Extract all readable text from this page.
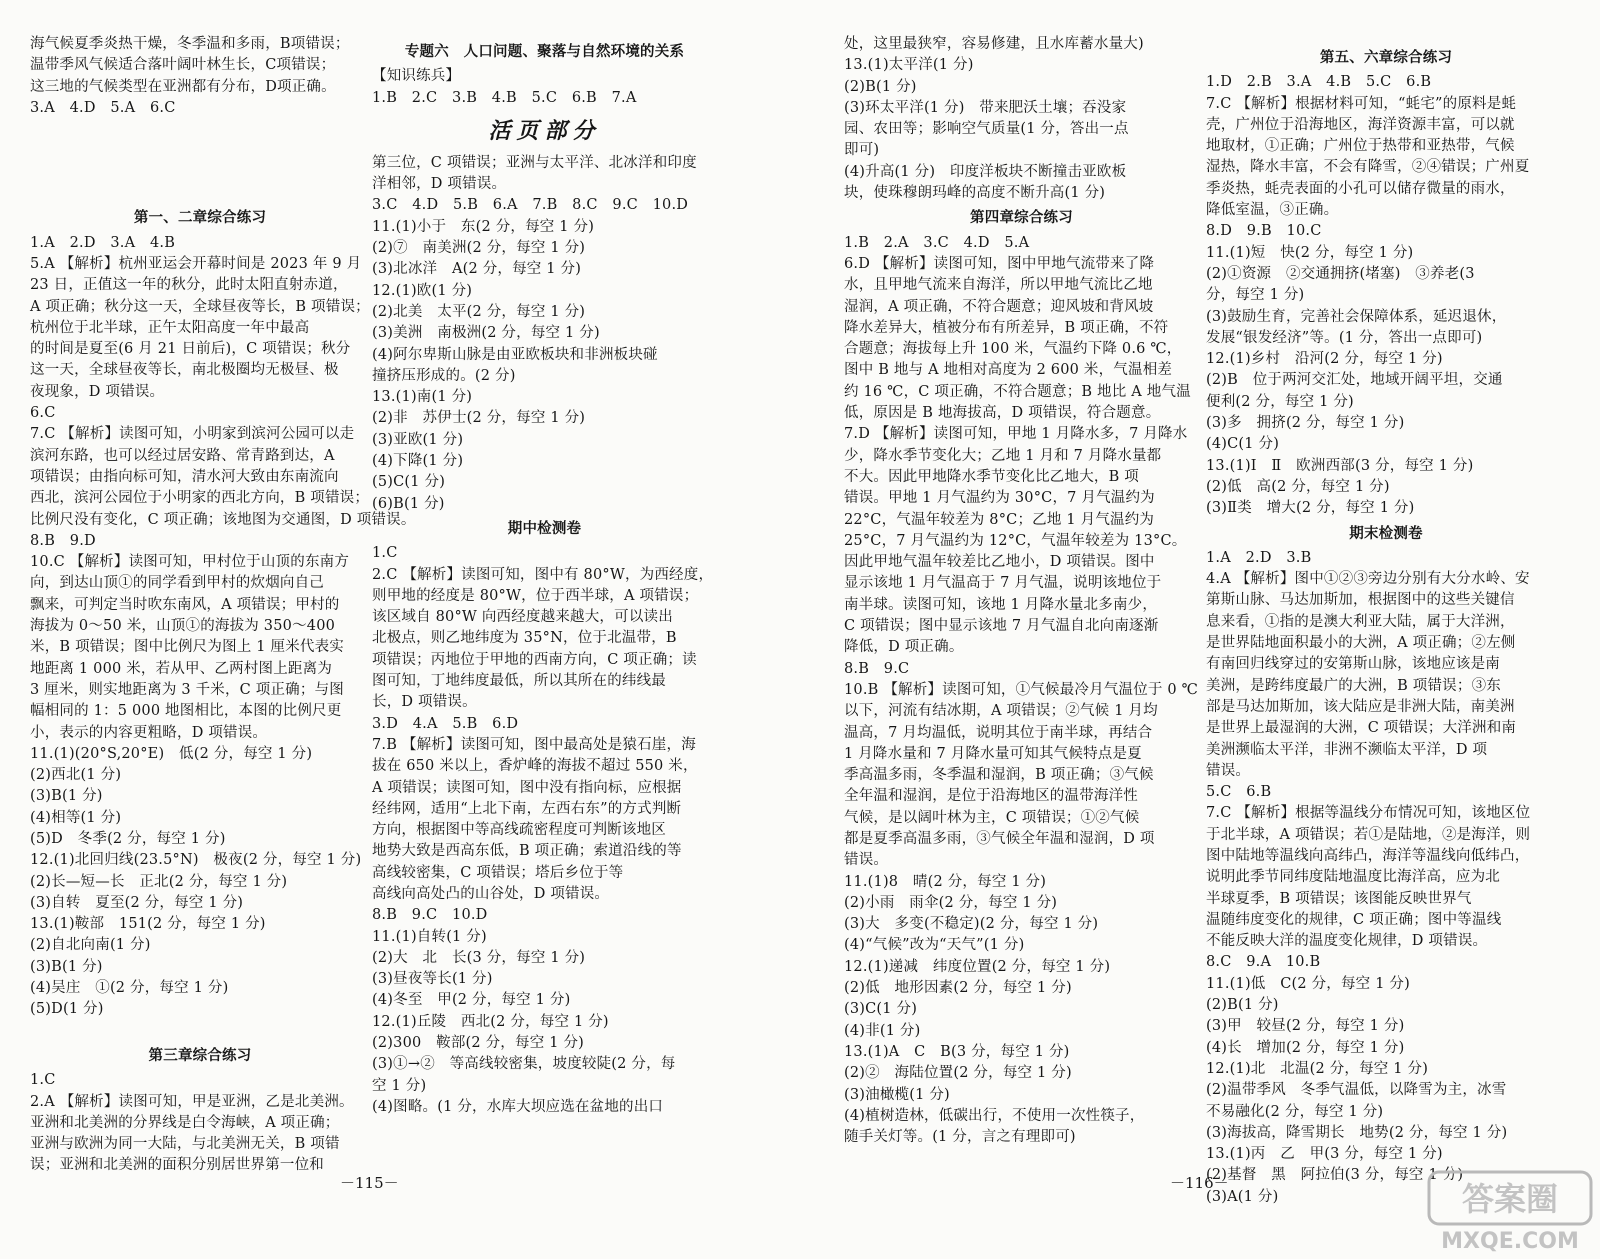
海气候夏季炎热干燥，冬季温和多雨，B项错误；
温带季风气候适合落叶阔叶林生长，C项错误；
这三地的气候类型在亚洲都有分布，D项正确。
3.A　4.D　5.A　6.C

第一、二章综合练习
1.A　2.D　3.A　4.B
5.A 【解析】杭州亚运会开幕时间是 2023 年 9 月
23 日，正值这一年的秋分，此时太阳直射赤道，
A 项正确；秋分这一天，全球昼夜等长，B 项错误；
杭州位于北半球，正午太阳高度一年中最高
的时间是夏至(6 月 21 日前后)，C 项错误；秋分
这一天，全球昼夜等长，南北极圈均无极昼、极
夜现象，D 项错误。
6.C
7.C 【解析】读图可知，小明家到滨河公园可以走
滨河东路，也可以经过居安路、常青路到达，A
项错误；由指向标可知，清水河大致由东南流向
西北，滨河公园位于小明家的西北方向，B 项错误；
比例尺没有变化，C 项正确；该地图为交通图，D 项错误。
8.B　9.D
10.C 【解析】读图可知，甲村位于山顶的东南方
向，到达山顶①的同学看到甲村的炊烟向自己
飘来，可判定当时吹东南风，A 项错误；甲村的
海拔为 0～50 米，山顶①的海拔为 350～400
米，B 项错误；图中比例尺为图上 1 厘米代表实
地距离 1 000 米，若从甲、乙两村图上距离为
3 厘米，则实地距离为 3 千米，C 项正确；与图
幅相同的 1：5 000 地图相比，本图的比例尺更
小，表示的内容更粗略，D 项错误。
11.(1)(20°S,20°E)　低(2 分，每空 1 分)
(2)西北(1 分)
(3)B(1 分)
(4)相等(1 分)
(5)D　冬季(2 分，每空 1 分)
12.(1)北回归线(23.5°N)　极夜(2 分，每空 1 分)
(2)长—短—长　正北(2 分，每空 1 分)
(3)自转　夏至(2 分，每空 1 分)
13.(1)鞍部　151(2 分，每空 1 分)
(2)自北向南(1 分)
(3)B(1 分)
(4)吴庄　①(2 分，每空 1 分)
(5)D(1 分)

第三章综合练习
1.C
2.A 【解析】读图可知，甲是亚洲，乙是北美洲。
亚洲和北美洲的分界线是白令海峡，A 项正确；
亚洲与欧洲为同一大陆，与北美洲无关，B 项错
误；亚洲和北美洲的面积分别居世界第一位和
专题六　人口问题、聚落与自然环境的关系
【知识练兵】
1.B　2.C　3.B　4.B　5.C　6.B　7.A
活页部分
第三位，C 项错误；亚洲与太平洋、北冰洋和印度
洋相邻，D 项错误。
3.C　4.D　5.B　6.A　7.B　8.C　9.C　10.D
11.(1)小于　东(2 分，每空 1 分)
(2)⑦　南美洲(2 分，每空 1 分)
(3)北冰洋　A(2 分，每空 1 分)
12.(1)欧(1 分)
(2)北美　太平(2 分，每空 1 分)
(3)美洲　南极洲(2 分，每空 1 分)
(4)阿尔卑斯山脉是由亚欧板块和非洲板块碰
撞挤压形成的。(2 分)
13.(1)南(1 分)
(2)非　苏伊士(2 分，每空 1 分)
(3)亚欧(1 分)
(4)下降(1 分)
(5)C(1 分)
(6)B(1 分)
期中检测卷
1.C
2.C 【解析】读图可知，图中有 80°W，为西经度，
则甲地的经度是 80°W，位于西半球，A 项错误；
该区域自 80°W 向西经度越来越大，可以读出
北极点，则乙地纬度为 35°N，位于北温带，B
项错误；丙地位于甲地的西南方向，C 项正确；读
图可知，丁地纬度最低，所以其所在的纬线最
长，D 项错误。
3.D　4.A　5.B　6.D
7.B 【解析】读图可知，图中最高处是猿石崖，海
拔在 650 米以上，香炉峰的海拔不超过 550 米，
A 项错误；读图可知，图中没有指向标，应根据
经纬网，适用“上北下南，左西右东”的方式判断
方向，根据图中等高线疏密程度可判断该地区
地势大致是西高东低，B 项正确；索道沿线的等
高线较密集，C 项错误；塔后乡位于等
高线向高处凸的山谷处，D 项错误。
8.B　9.C　10.D
11.(1)自转(1 分)
(2)大　北　长(3 分，每空 1 分)
(3)昼夜等长(1 分)
(4)冬至　甲(2 分，每空 1 分)
12.(1)丘陵　西北(2 分，每空 1 分)
(2)300　鞍部(2 分，每空 1 分)
(3)①→②　等高线较密集，坡度较陡(2 分，每
空 1 分)
(4)图略。(1 分，水库大坝应选在盆地的出口
处，这里最狭窄，容易修建，且水库蓄水量大)
13.(1)太平洋(1 分)
(2)B(1 分)
(3)环太平洋(1 分)　带来肥沃土壤；吞没家
园、农田等；影响空气质量(1 分，答出一点
即可)
(4)升高(1 分)　印度洋板块不断撞击亚欧板
块，使珠穆朗玛峰的高度不断升高(1 分)
第四章综合练习
1.B　2.A　3.C　4.D　5.A
6.D 【解析】读图可知，图中甲地气流带来了降
水，且甲地气流来自海洋，所以甲地气流比乙地
湿润，A 项正确，不符合题意；迎风坡和背风坡
降水差异大，植被分布有所差异，B 项正确，不符
合题意；海拔每上升 100 米，气温约下降 0.6 ℃，
图中 B 地与 A 地相对高度为 2 600 米，气温相差
约 16 ℃，C 项正确，不符合题意；B 地比 A 地气温
低，原因是 B 地海拔高，D 项错误，符合题意。
7.D 【解析】读图可知，甲地 1 月降水多，7 月降水
少，降水季节变化大；乙地 1 月和 7 月降水量都
不大。因此甲地降水季节变化比乙地大，B 项
错误。甲地 1 月气温约为 30°C，7 月气温约为
22°C，气温年较差为 8°C；乙地 1 月气温约为
25°C，7 月气温约为 12°C，气温年较差为 13°C。
因此甲地气温年较差比乙地小，D 项错误。图中
显示该地 1 月气温高于 7 月气温，说明该地位于
南半球。读图可知，该地 1 月降水量北多南少，
C 项错误；图中显示该地 7 月气温自北向南逐渐
降低，D 项正确。
8.B　9.C
10.B 【解析】读图可知，①气候最冷月气温位于 0 ℃
以下，河流有结冰期，A 项错误；②气候 1 月均
温高，7 月均温低，说明其位于南半球，再结合
1 月降水量和 7 月降水量可知其气候特点是夏
季高温多雨，冬季温和湿润，B 项正确；③气候
全年温和湿润，是位于沿海地区的温带海洋性
气候，是以阔叶林为主，C 项错误；①②气候
都是夏季高温多雨，③气候全年温和湿润，D 项
错误。
11.(1)8　晴(2 分，每空 1 分)
(2)小雨　雨伞(2 分，每空 1 分)
(3)大　多变(不稳定)(2 分，每空 1 分)
(4)“气候”改为“天气”(1 分)
12.(1)递减　纬度位置(2 分，每空 1 分)
(2)低　地形因素(2 分，每空 1 分)
(3)C(1 分)
(4)非(1 分)
13.(1)A　C　B(3 分，每空 1 分)
(2)②　海陆位置(2 分，每空 1 分)
(3)油橄榄(1 分)
(4)植树造林，低碳出行，不使用一次性筷子，
随手关灯等。(1 分，言之有理即可)
第五、六章综合练习
1.D　2.B　3.A　4.B　5.C　6.B
7.C 【解析】根据材料可知，“蚝宅”的原料是蚝
壳，广州位于沿海地区，海洋资源丰富，可以就
地取材，①正确；广州位于热带和亚热带，气候
湿热，降水丰富，不会有降雪，②④错误；广州夏
季炎热，蚝壳表面的小孔可以储存微量的雨水，
降低室温，③正确。
8.D　9.B　10.C
11.(1)短　快(2 分，每空 1 分)
(2)①资源　②交通拥挤(堵塞)　③养老(3
分，每空 1 分)
(3)鼓励生育，完善社会保障体系，延迟退休，
发展“银发经济”等。(1 分，答出一点即可)
12.(1)乡村　沿河(2 分，每空 1 分)
(2)B　位于两河交汇处，地域开阔平坦，交通
便利(2 分，每空 1 分)
(3)多　拥挤(2 分，每空 1 分)
(4)C(1 分)
13.(1)Ⅰ　Ⅱ　欧洲西部(3 分，每空 1 分)
(2)低　高(2 分，每空 1 分)
(3)Ⅱ类　增大(2 分，每空 1 分)
期末检测卷
1.A　2.D　3.B
4.A 【解析】图中①②③旁边分别有大分水岭、安
第斯山脉、马达加斯加，根据图中的这些关键信
息来看，①指的是澳大利亚大陆，属于大洋洲，
是世界陆地面积最小的大洲，A 项正确；②左侧
有南回归线穿过的安第斯山脉，该地应该是南
美洲，是跨纬度最广的大洲，B 项错误；③东
部是马达加斯加，该大陆应是非洲大陆，南美洲
是世界上最湿润的大洲，C 项错误；大洋洲和南
美洲濒临太平洋，非洲不濒临太平洋，D 项
错误。
5.C　6.B
7.C 【解析】根据等温线分布情况可知，该地区位
于北半球，A 项错误；若①是陆地，②是海洋，则
图中陆地等温线向高纬凸，海洋等温线向低纬凸，
说明此季节同纬度陆地温度比海洋高，应为北
半球夏季，B 项错误；该图能反映世界气
温随纬度变化的规律，C 项正确；图中等温线
不能反映大洋的温度变化规律，D 项错误。
8.C　9.A　10.B
11.(1)低　C(2 分，每空 1 分)
(2)B(1 分)
(3)甲　较昼(2 分，每空 1 分)
(4)长　增加(2 分，每空 1 分)
12.(1)北　北温(2 分，每空 1 分)
(2)温带季风　冬季气温低，以降雪为主，冰雪
不易融化(2 分，每空 1 分)
(3)海拔高，降雪期长　地势(2 分，每空 1 分)
13.(1)丙　乙　甲(3 分，每空 1 分)
(2)基督　黑　阿拉伯(3 分，每空 1 分)
(3)A(1 分)
－115－	－116－	答案圈
MXQE.COM
